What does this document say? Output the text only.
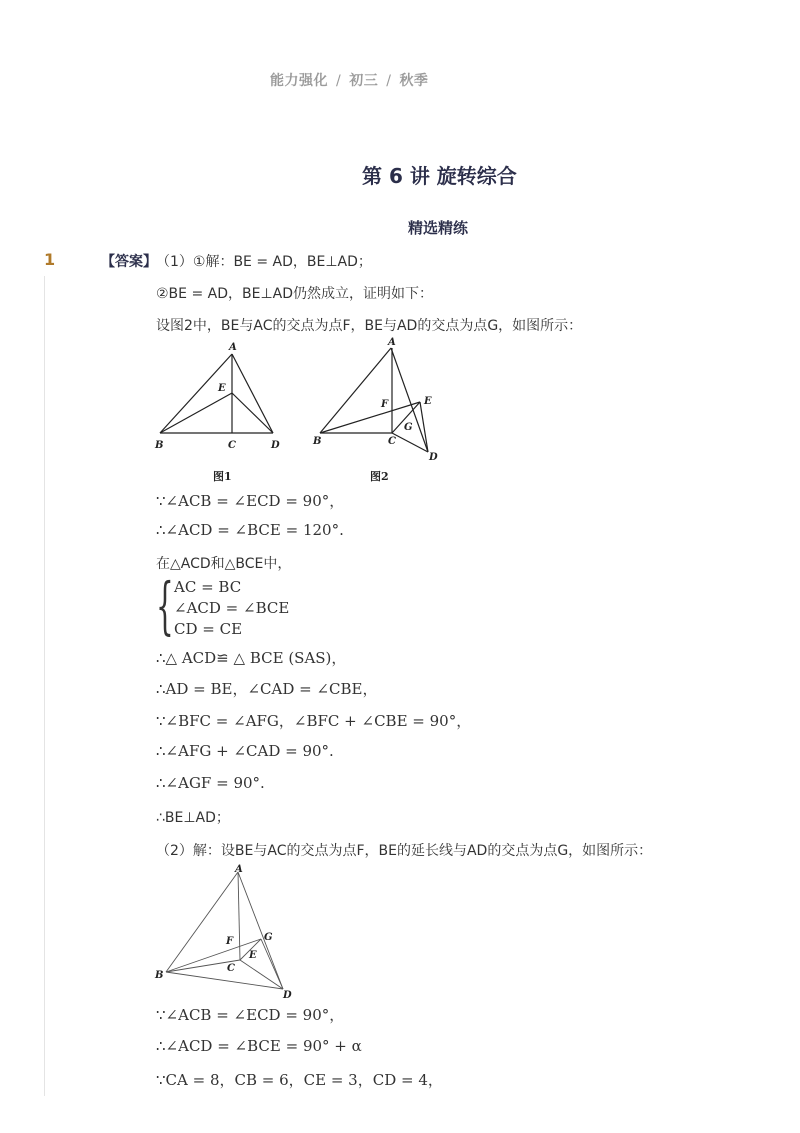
能力强化 / 初三 / 秋季
第 6 讲 旋转综合
精选精练
1	【答案】 （1）①解：BE = AD，BE⊥AD；
②BE = AD，BE⊥AD仍然成立，证明如下：
设图2中，BE与AC的交点为点F，BE与AD的交点为点G，如图所示：
A
E
B	C	D
图1
A
F	E
B	C
G
D
图2
∵∠ACB = ∠ECD = 90°，
∴∠ACD = ∠BCE = 120°.
在△ACD和△BCE中，
{ AC = BC
∠ACD = ∠BCE
CD = CE
∴△ ACD≌ △ BCE (SAS)，
∴AD = BE，∠CAD = ∠CBE，
∵∠BFC = ∠AFG，∠BFC + ∠CBE = 90°，
∴∠AFG + ∠CAD = 90°.
∴∠AGF = 90°.
∴BE⊥AD；
（2）解：设BE与AC的交点为点F，BE的延长线与AD的交点为点G，如图所示：
A
G
F
E
B
C
D
∵∠ACB = ∠ECD = 90°，
∴∠ACD = ∠BCE = 90° + α
∵CA = 8，CB = 6，CE = 3，CD = 4，
